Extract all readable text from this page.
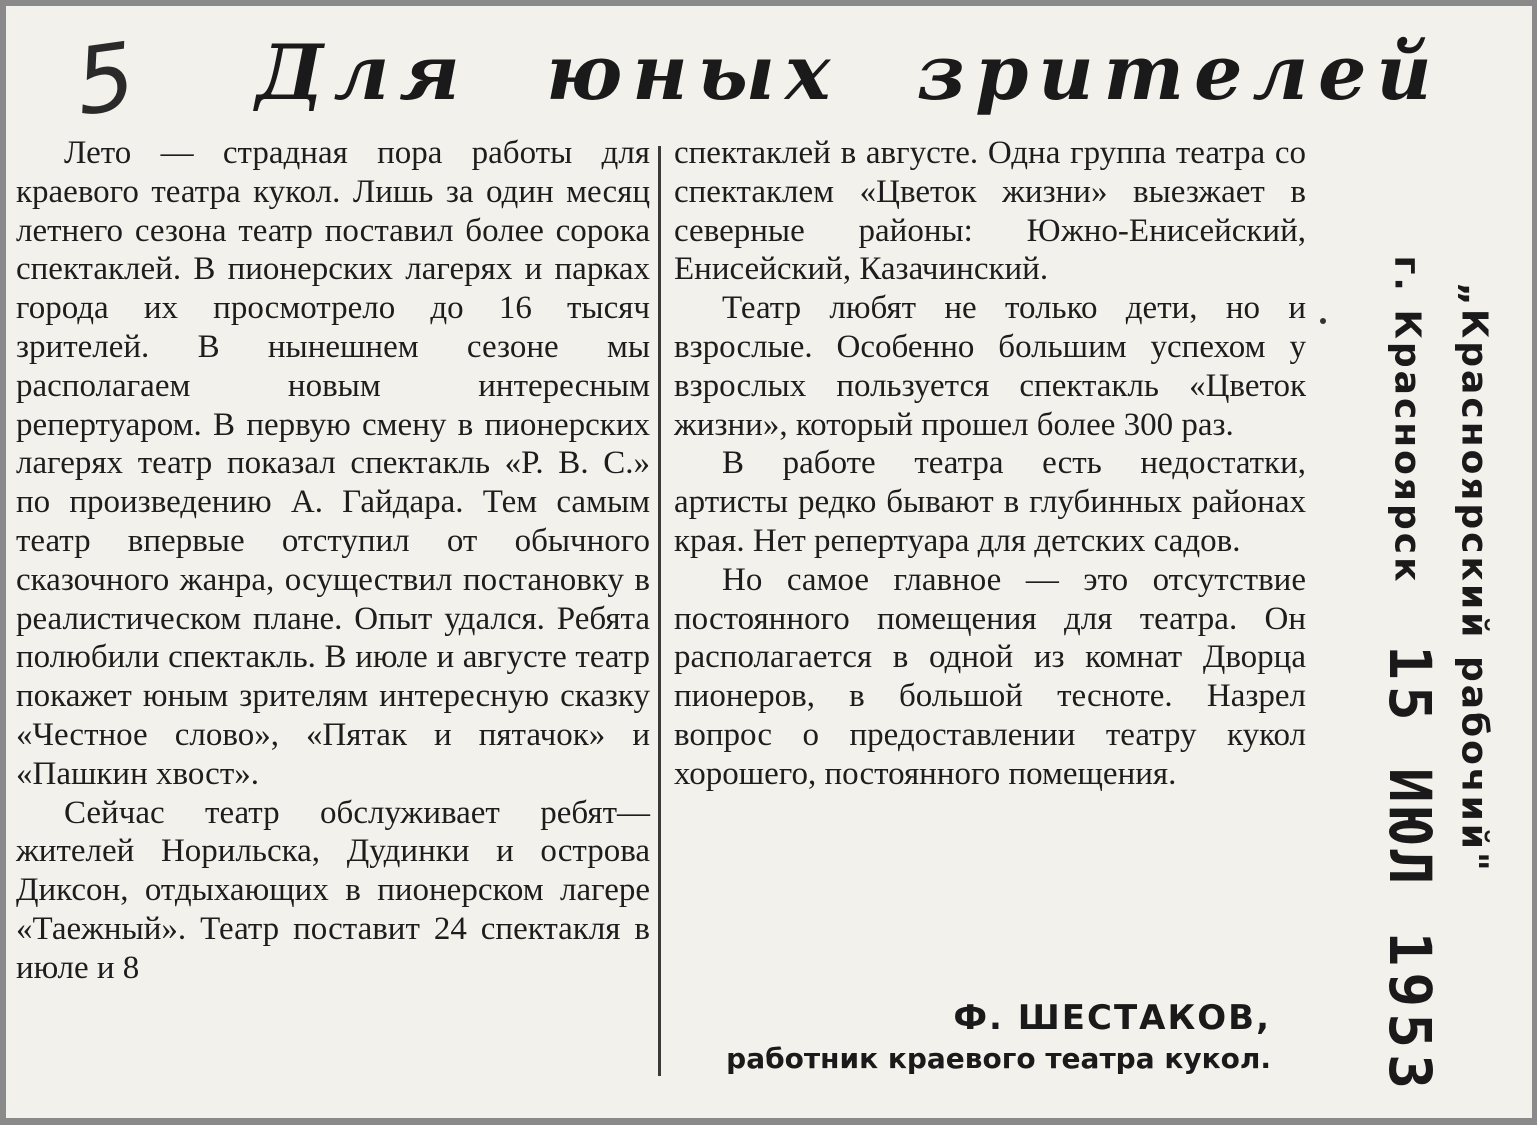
5 Для юных зрителей

Лето — страдная пора работы для краевого театра кукол. Лишь за один месяц летнего сезона театр поставил более сорока спектаклей. В пионерских лагерях и парках города их просмотрело до 16 тысяч зрителей. В нынешнем сезоне мы располагаем новым интересным репертуаром. В первую смену в пионерских лагерях театр показал спектакль «Р. В. С.» по произведению А. Гайдара. Тем самым театр впервые отступил от обычного сказочного жанра, осуществил постановку в реалистическом плане. Опыт удался. Ребята полюбили спектакль. В июле и августе театр покажет юным зрителям интересную сказку «Честное слово», «Пятак и пятачок» и «Пашкин хвост».

Сейчас театр обслуживает ребят— жителей Норильска, Дудинки и острова Диксон, отдыхающих в пионерском лагере «Таежный». Театр поставит 24 спектакля в июле и 8

спектаклей в августе. Одна группа театра со спектаклем «Цветок жизни» выезжает в северные районы: Южно-Енисейский, Енисейский, Казачинский.

Театр любят не только дети, но и взрослые. Особенно большим успехом у взрослых пользуется спектакль «Цветок жизни», который прошел более 300 раз.

В работе театра есть недостатки, артисты редко бывают в глубинных районах края. Нет репертуара для детских садов.

Но самое главное — это отсутствие постоянного помещения для театра. Он располагается в одной из комнат Дворца пионеров, в большой тесноте. Назрел вопрос о предоставлении театру кукол хорошего, постоянного помещения.

Ф. ШЕСТАКОВ,
работник краевого театра кукол.
„Красноярский рабочий"
г. Красноярск
15 ИЮЛ 1953
